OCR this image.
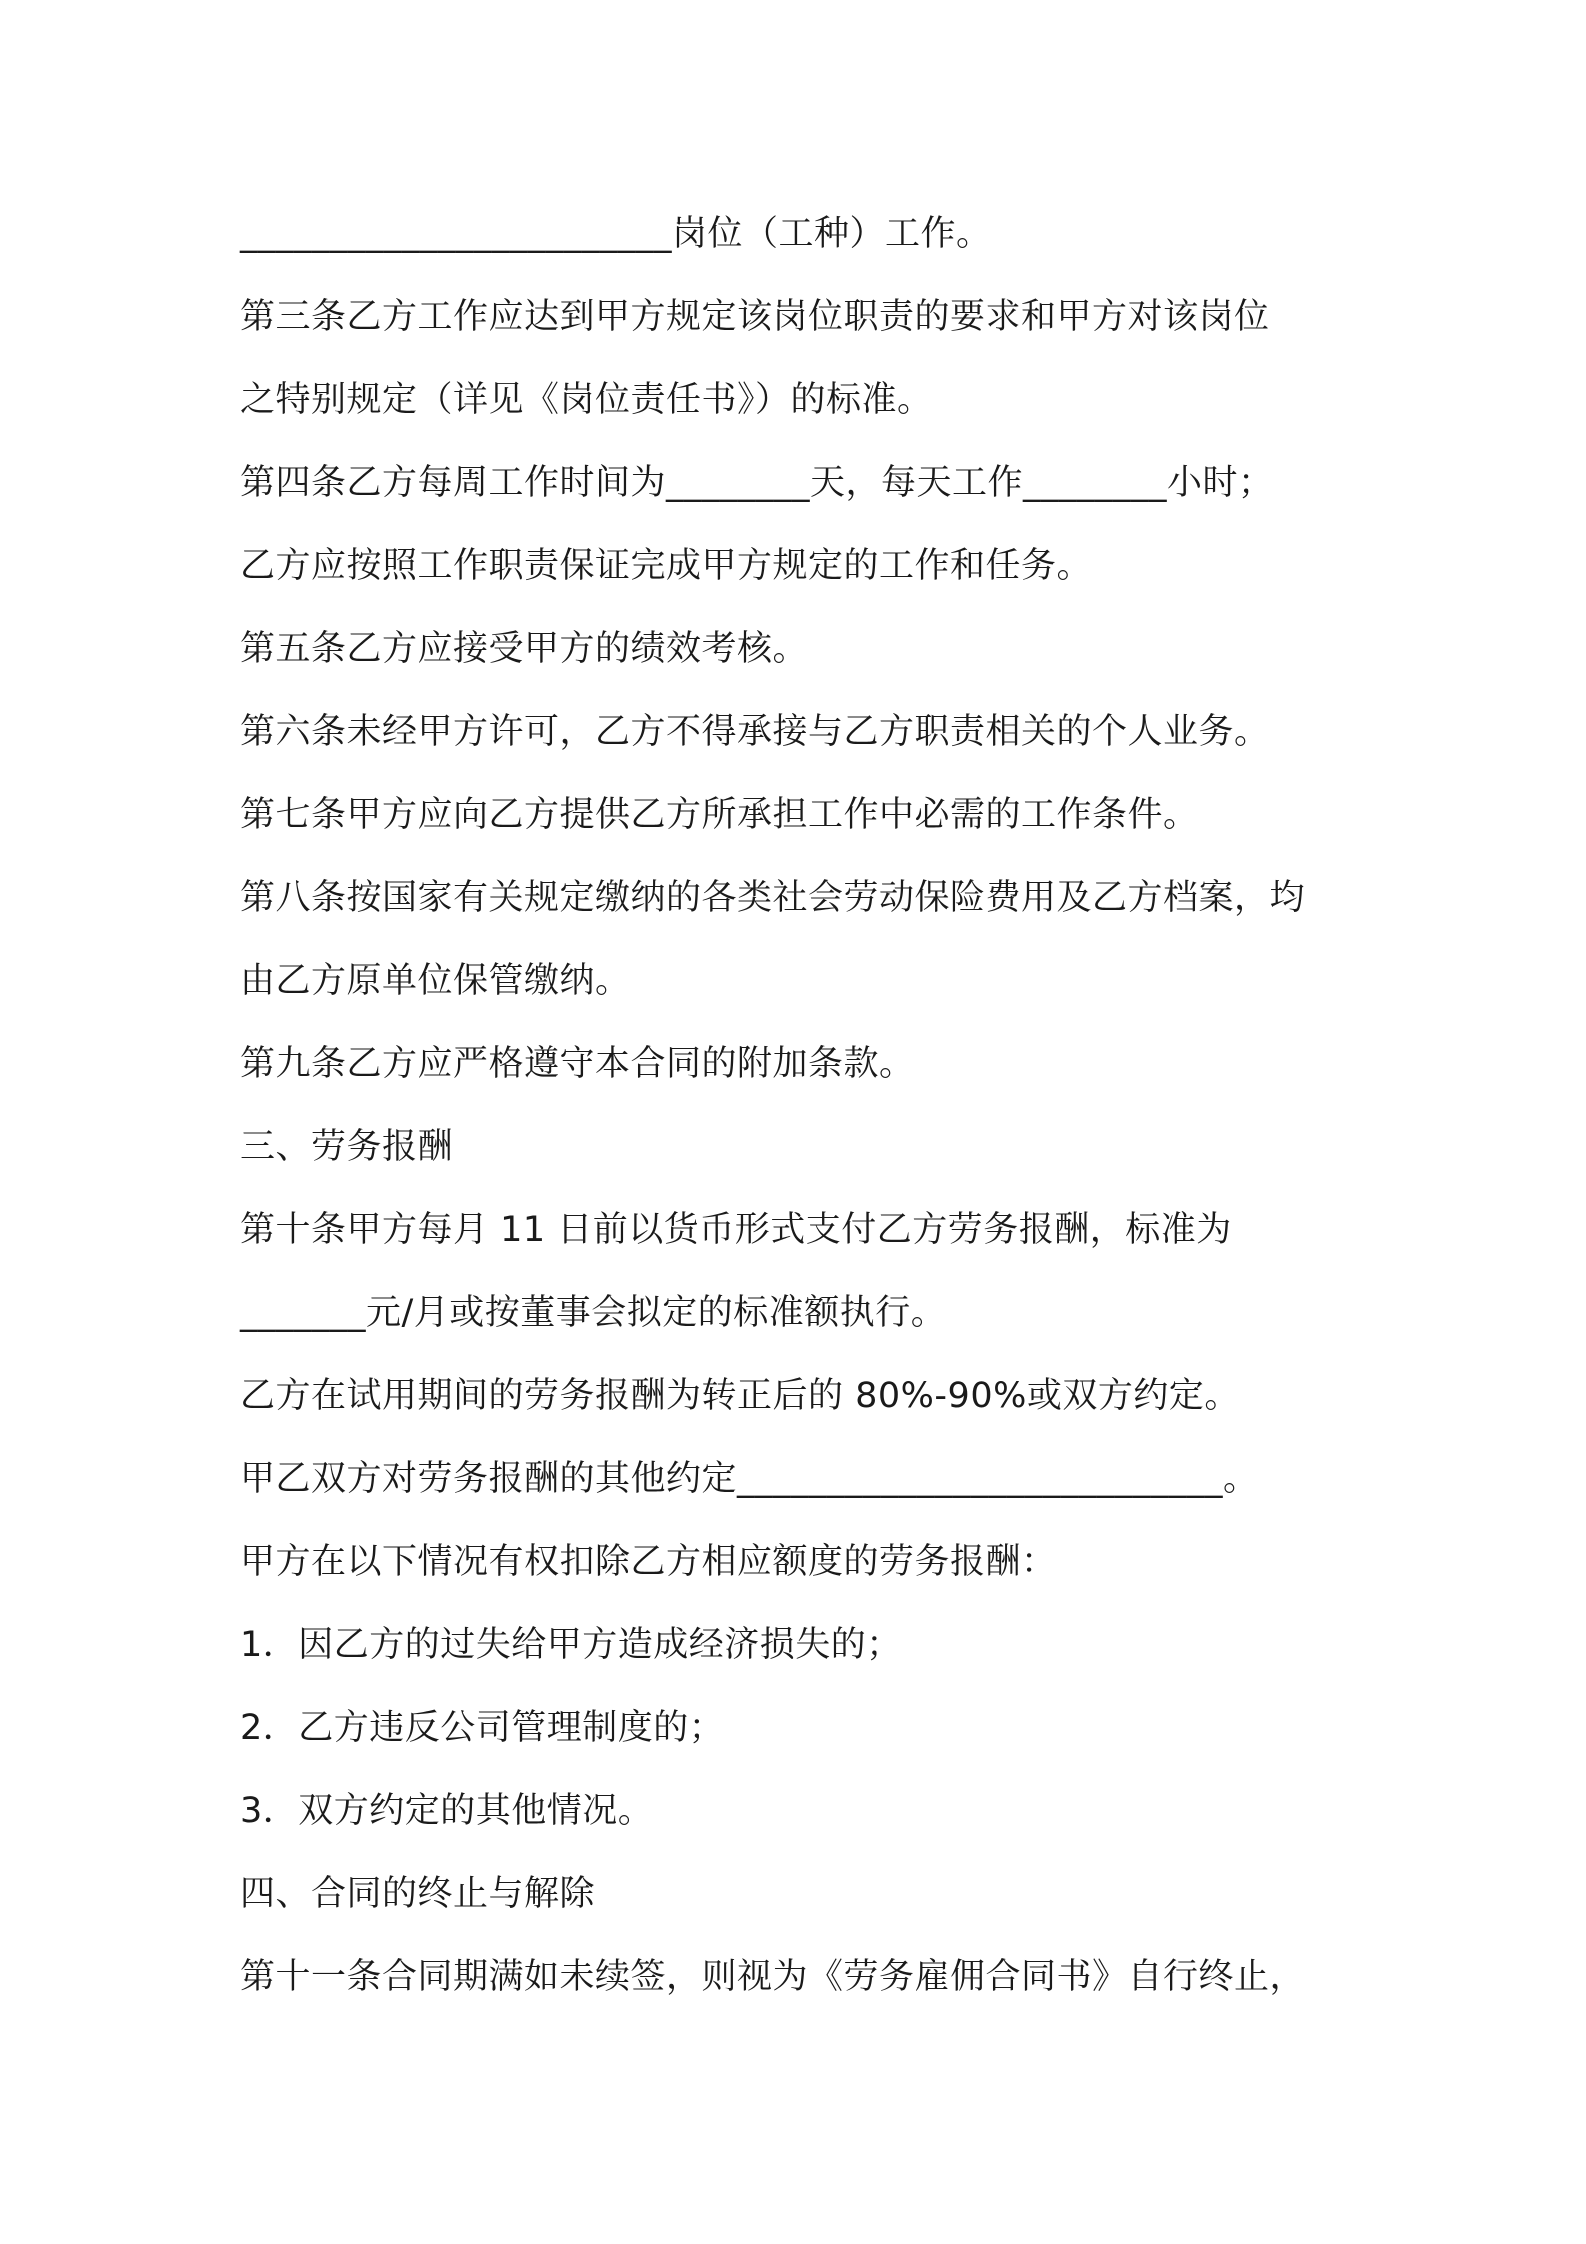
________________________岗位（工种）工作。
第三条乙方工作应达到甲方规定该岗位职责的要求和甲方对该岗位
之特别规定（详见《岗位责任书》）的标准。
第四条乙方每周工作时间为________天，每天工作________小时；
乙方应按照工作职责保证完成甲方规定的工作和任务。
第五条乙方应接受甲方的绩效考核。
第六条未经甲方许可，乙方不得承接与乙方职责相关的个人业务。
第七条甲方应向乙方提供乙方所承担工作中必需的工作条件。
第八条按国家有关规定缴纳的各类社会劳动保险费用及乙方档案，均
由乙方原单位保管缴纳。
第九条乙方应严格遵守本合同的附加条款。
三、劳务报酬
第十条甲方每月 11 日前以货币形式支付乙方劳务报酬，标准为
_______元/月或按董事会拟定的标准额执行。
乙方在试用期间的劳务报酬为转正后的 80%-90%或双方约定。
甲乙双方对劳务报酬的其他约定___________________________。
甲方在以下情况有权扣除乙方相应额度的劳务报酬：
1．因乙方的过失给甲方造成经济损失的；
2．乙方违反公司管理制度的；
3．双方约定的其他情况。
四、合同的终止与解除
第十一条合同期满如未续签，则视为《劳务雇佣合同书》自行终止，
